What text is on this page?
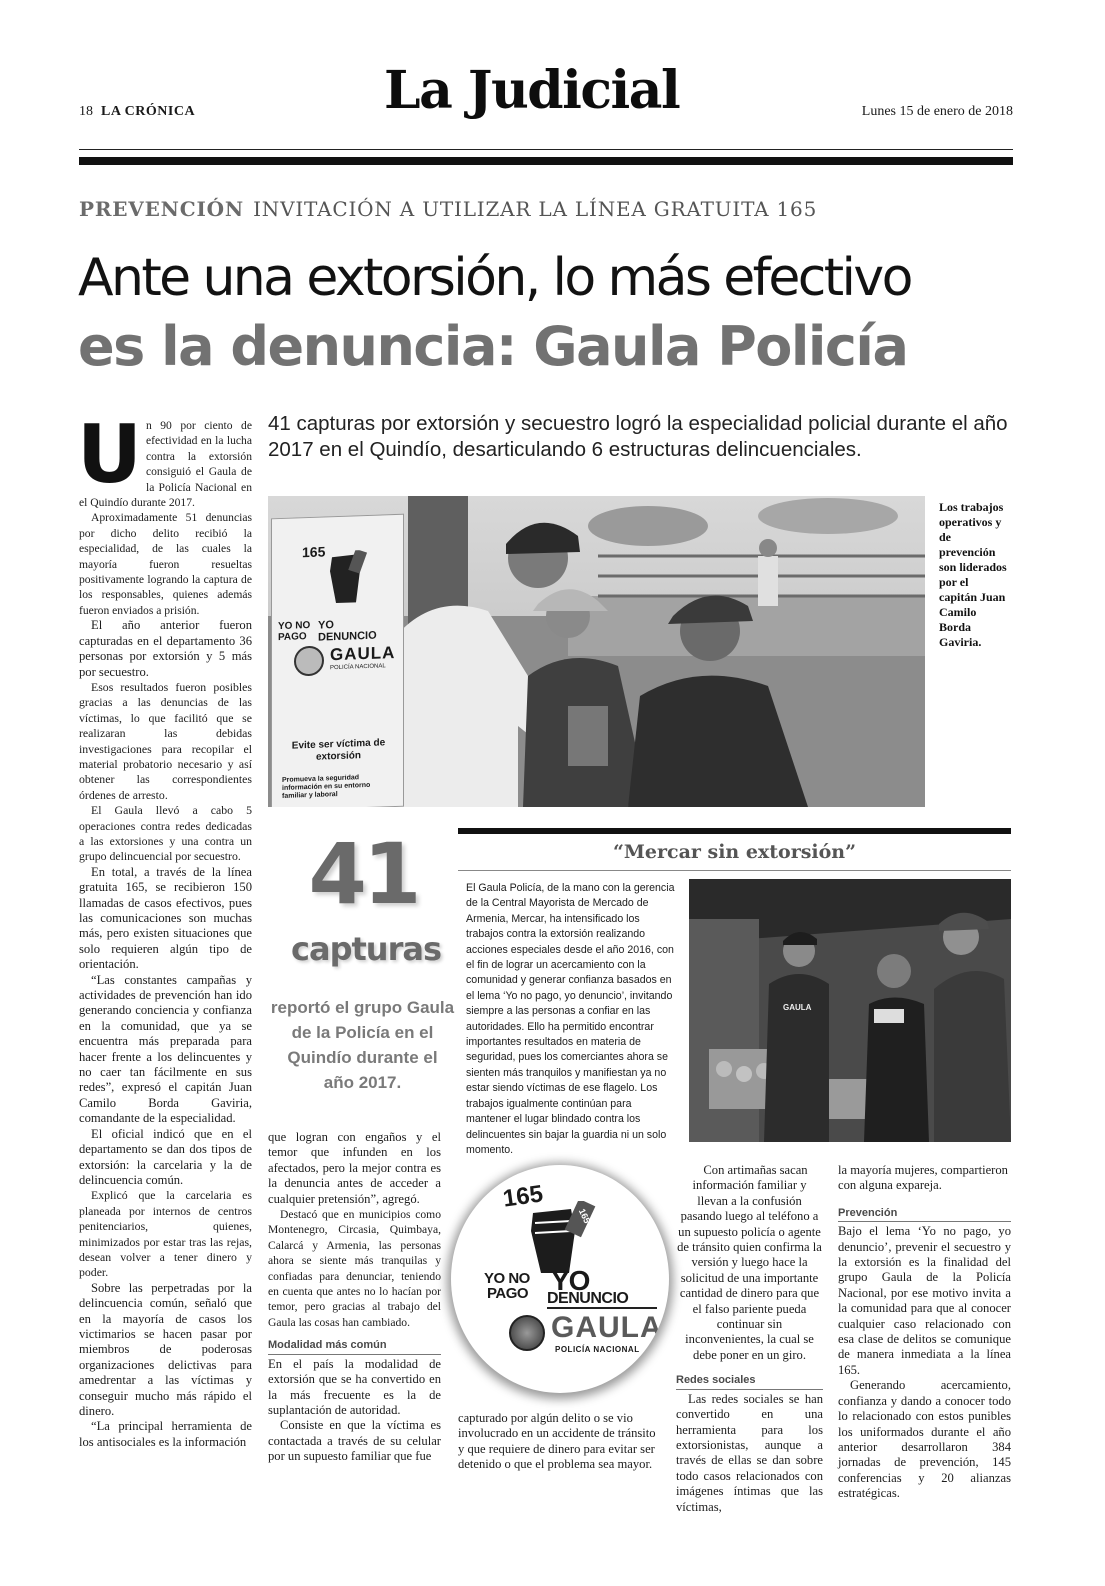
18 LA CRÓNICA	La Judicial	Lunes 15 de enero de 2018
PREVENCIÓN INVITACIÓN A UTILIZAR LA LÍNEA GRATUITA 165
Ante una extorsión, lo más efectivo
es la denuncia: Gaula Policía
41 capturas por extorsión y secuestro logró la especialidad policial durante el año 2017 en el Quindío, desarticulando 6 estructuras delincuenciales.
165
YO NO PAGO
YO DENUNCIO
GAULA
POLICÍA NACIONAL
Evite ser víctima de extorsión
Promueva la seguridad información en su entorno familiar y laboral
Los trabajos operativos y de prevención son liderados por el capitán Juan Camilo Borda Gaviria.
U n 90 por ciento de efectividad en la lucha contra la extorsión consiguió el Gaula de la Policía Nacional en el Quindío durante 2017.

Aproximadamente 51 denuncias por dicho delito recibió la especialidad, de las cuales la mayoría fueron resueltas positivamente logrando la captura de los responsables, quienes además fueron enviados a prisión.

El año anterior fueron capturadas en el departamento 36 personas por extorsión y 5 más por secuestro.

Esos resultados fueron posibles gracias a las denuncias de las víctimas, lo que facilitó que se realizaran las debidas investigaciones para recopilar el material probatorio necesario y así obtener las correspondientes órdenes de arresto.

El Gaula llevó a cabo 5 operaciones contra redes dedicadas a las extorsiones y una contra un grupo delincuencial por secuestro.

En total, a través de la línea gratuita 165, se recibieron 150 llamadas de casos efectivos, pues las comunicaciones son muchas más, pero existen situaciones que solo requieren algún tipo de orientación.

“Las constantes campañas y actividades de prevención han ido generando conciencia y confianza en la comunidad, que ya se encuentra más preparada para hacer frente a los delincuentes y no caer tan fácilmente en sus redes”, expresó el capitán Juan Camilo Borda Gaviria, comandante de la especialidad.

El oficial indicó que en el departamento se dan dos tipos de extorsión: la carcelaria y la de delincuencia común.

Explicó que la carcelaria es planeada por internos de centros penitenciarios, quienes, minimizados por estar tras las rejas, desean volver a tener dinero y poder.

Sobre las perpetradas por la delincuencia común, señaló que en la mayoría de casos los victimarios se hacen pasar por miembros de poderosas organizaciones delictivas para amedrentar a las víctimas y conseguir mucho más rápido el dinero.

“La principal herramienta de los antisociales es la información

41
capturas
reportó el grupo Gaula de la Policía en el Quindío durante el año 2017.

que logran con engaños y el temor que infunden en los afectados, pero la mejor contra es la denuncia antes de acceder a cualquier pretensión”, agregó.

Destacó que en municipios como Montenegro, Circasia, Quimbaya, Calarcá y Armenia, las personas ahora se siente más tranquilas y confiadas para denunciar, teniendo en cuenta que antes no lo hacían por temor, pero gracias al trabajo del Gaula las cosas han cambiado.

Modalidad más común

En el país la modalidad de extorsión que se ha convertido en la más frecuente es la de suplantación de autoridad.

Consiste en que la víctima es contactada a través de su celular por un supuesto familiar que fue

“Mercar sin extorsión”
El Gaula Policía, de la mano con la gerencia de la Central Mayorista de Mercado de Armenia, Mercar, ha intensificado los trabajos contra la extorsión realizando acciones especiales desde el año 2016, con el fin de lograr un acercamiento con la comunidad y generar confianza basados en el lema ‘Yo no pago, yo denuncio’, invitando siempre a las personas a confiar en las autoridades. Ello ha permitido encontrar importantes resultados en materia de seguridad, pues los comerciantes ahora se sienten más tranquilos y manifiestan ya no estar siendo víctimas de ese flagelo. Los trabajos igualmente continúan para mantener el lugar blindado contra los delincuentes sin bajar la guardia ni un solo momento.
GAULA
165
165
YO NO
PAGO YO
DENUNCIO
GAULA
POLICÍA NACIONAL
capturado por algún delito o se vio involucrado en un accidente de tránsito y que requiere de dinero para evitar ser detenido o que el problema sea mayor.

Con artimañas sacan información familiar y llevan a la confusión pasando luego al teléfono a un supuesto policía o agente de tránsito quien confirma la versión y luego hace la solicitud de una importante cantidad de dinero para que el falso pariente pueda continuar sin inconvenientes, la cual se debe poner en un giro.

Redes sociales

Las redes sociales se han convertido en una herramienta para los extorsionistas, aunque a través de ellas se dan sobre todo casos relacionados con imágenes íntimas que las víctimas,

la mayoría mujeres, compartieron con alguna expareja.

Prevención

Bajo el lema ‘Yo no pago, yo denuncio’, prevenir el secuestro y la extorsión es la finalidad del grupo Gaula de la Policía Nacional, por ese motivo invita a la comunidad para que al conocer cualquier caso relacionado con esa clase de delitos se comunique de manera inmediata a la línea 165.

Generando acercamiento, confianza y dando a conocer todo lo relacionado con estos punibles los uniformados durante el año anterior desarrollaron 384 jornadas de prevención, 145 conferencias y 20 alianzas estratégicas.
